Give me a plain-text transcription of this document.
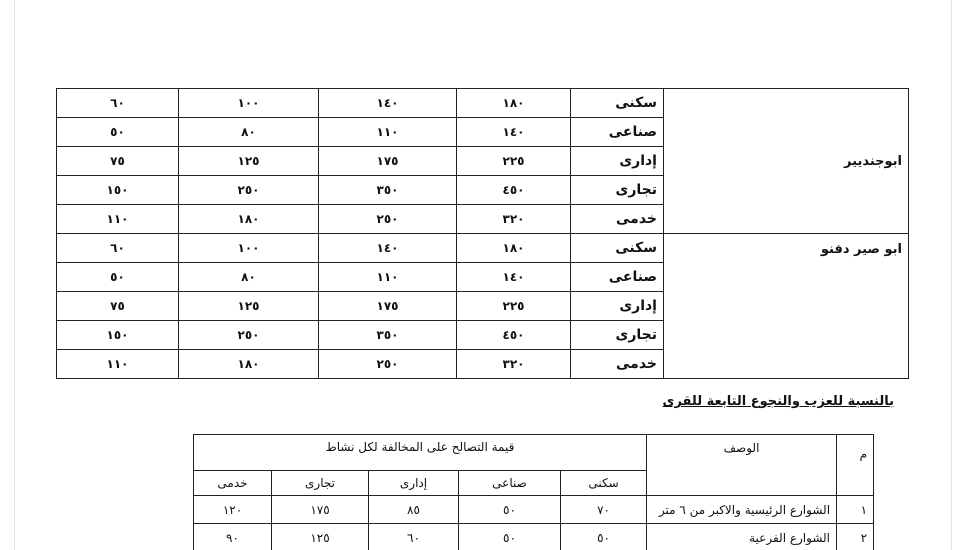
٦٠	١٠٠	١٤٠	١٨٠	سكنى	ابوجنديير

٥٠	٨٠	١١٠	١٤٠	صناعى	
٧٥	١٢٥	١٧٥	٢٢٥	إدارى	
١٥٠	٢٥٠	٣٥٠	٤٥٠	تجارى	
١١٠	١٨٠	٢٥٠	٣٢٠	خدمى	
٦٠	١٠٠	١٤٠	١٨٠	سكنى	ابو صير دفنو

٥٠	٨٠	١١٠	١٤٠	صناعى	
٧٥	١٢٥	١٧٥	٢٢٥	إدارى	
١٥٠	٢٥٠	٣٥٠	٤٥٠	تجارى	
١١٠	١٨٠	٢٥٠	٣٢٠	خدمى	
بالنسبة للعزب والنجوع التابعة للقرى
قيمة التصالح على المخالفة لكل نشاط					الوصف	م
خدمى	تجارى	إدارى	صناعى	سكنى		
١٢٠	١٧٥	٨٥	٥٠	٧٠	الشوارع الرئيسية والاكبر من ٦ متر	١
٩٠	١٢٥	٦٠	٥٠	٥٠	الشوارع الفرعية	٢
